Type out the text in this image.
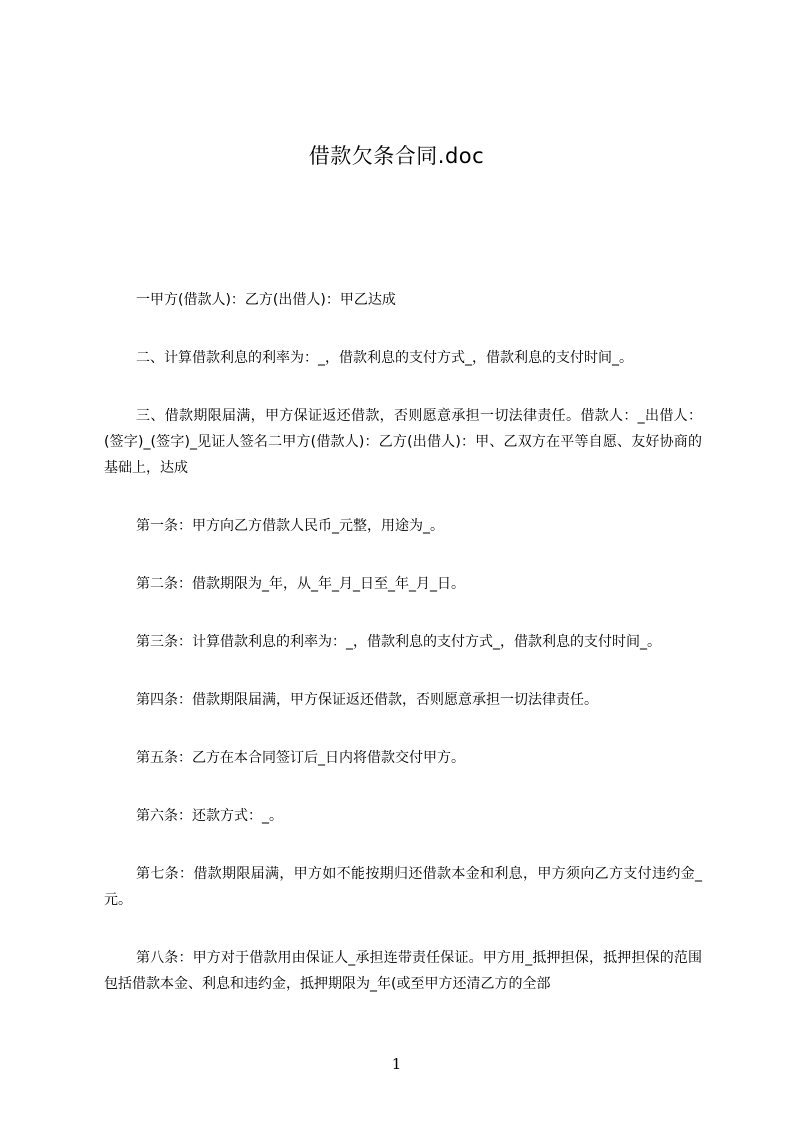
借款欠条合同.doc

一甲方(借款人)：乙方(出借人)：甲乙达成

二、计算借款利息的利率为：_，借款利息的支付方式_，借款利息的支付时间_。

三、借款期限届满，甲方保证返还借款，否则愿意承担一切法律责任。借款人：_出借人：(签字)_(签字)_见证人签名二甲方(借款人)：乙方(出借人)：甲、乙双方在平等自愿、友好协商的基础上，达成

第一条：甲方向乙方借款人民币_元整，用途为_。

第二条：借款期限为_年，从_年_月_日至_年_月_日。

第三条：计算借款利息的利率为：_，借款利息的支付方式_，借款利息的支付时间_。

第四条：借款期限届满，甲方保证返还借款，否则愿意承担一切法律责任。

第五条：乙方在本合同签订后_日内将借款交付甲方。

第六条：还款方式：_。

第七条：借款期限届满，甲方如不能按期归还借款本金和利息，甲方须向乙方支付违约金_元。

第八条：甲方对于借款用由保证人_承担连带责任保证。甲方用_抵押担保，抵押担保的范围包括借款本金、利息和违约金，抵押期限为_年(或至甲方还清乙方的全部

1
